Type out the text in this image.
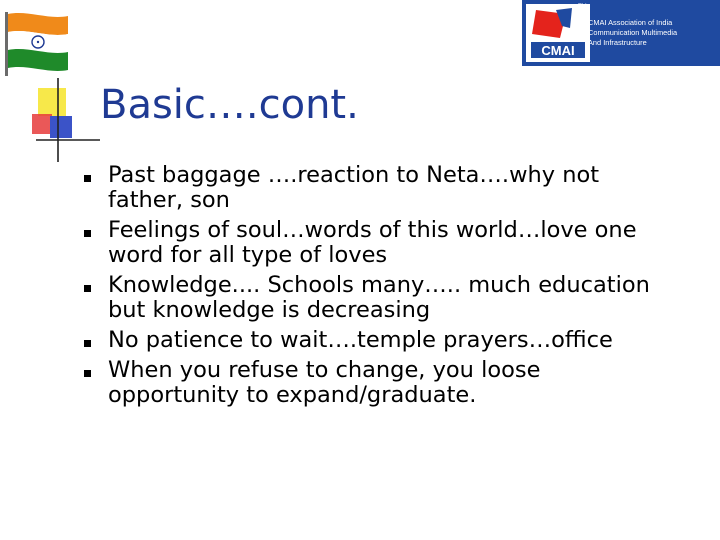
CMAI
TM
CMAI Association of India
Communication Multimedia
And Infrastructure
Basic….cont.
Past baggage ….reaction to Neta….why not
father, son
Feelings of soul…words of this world…love one
word for all type of loves
Knowledge.... Schools many….. much education
but knowledge is decreasing
No patience to wait….temple prayers…office
When you refuse to change, you loose
opportunity to expand/graduate.
